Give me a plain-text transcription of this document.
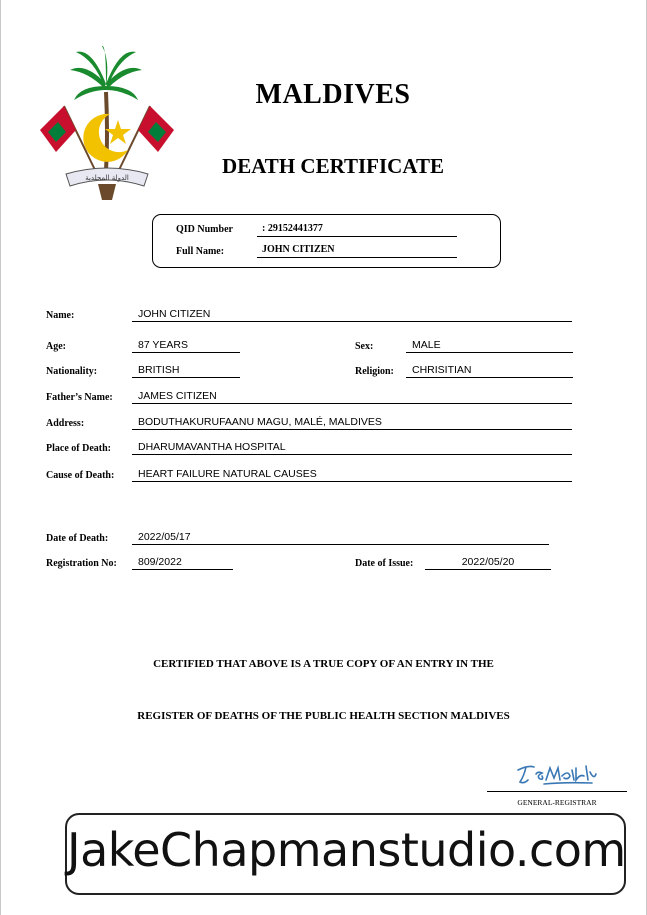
ﺍﻟﺪﻭﻟﺔ ﺍﻟﻤﺤﻠﺪﻳﺔ
MALDIVES
DEATH CERTIFICATE
QID Number	: 29152441377
Full Name:	JOHN CITIZEN
Name:	JOHN CITIZEN
Age:	87 YEARS	Sex:	MALE
Nationality:	BRITISH	Religion:	CHRISITIAN
Father’s Name:	JAMES CITIZEN
Address:	BODUTHAKURUFAANU MAGU, MALÉ, MALDIVES
Place of Death:	DHARUMAVANTHA HOSPITAL
Cause of Death:	HEART FAILURE NATURAL CAUSES
Date of Death:	2022/05/17
Registration No:	809/2022	Date of Issue:	2022/05/20
CERTIFIED THAT ABOVE IS A TRUE COPY OF AN ENTRY IN THE
REGISTER OF DEATHS OF THE PUBLIC HEALTH SECTION MALDIVES
GENERAL-REGISTRAR
JakeChapmanstudio.com
